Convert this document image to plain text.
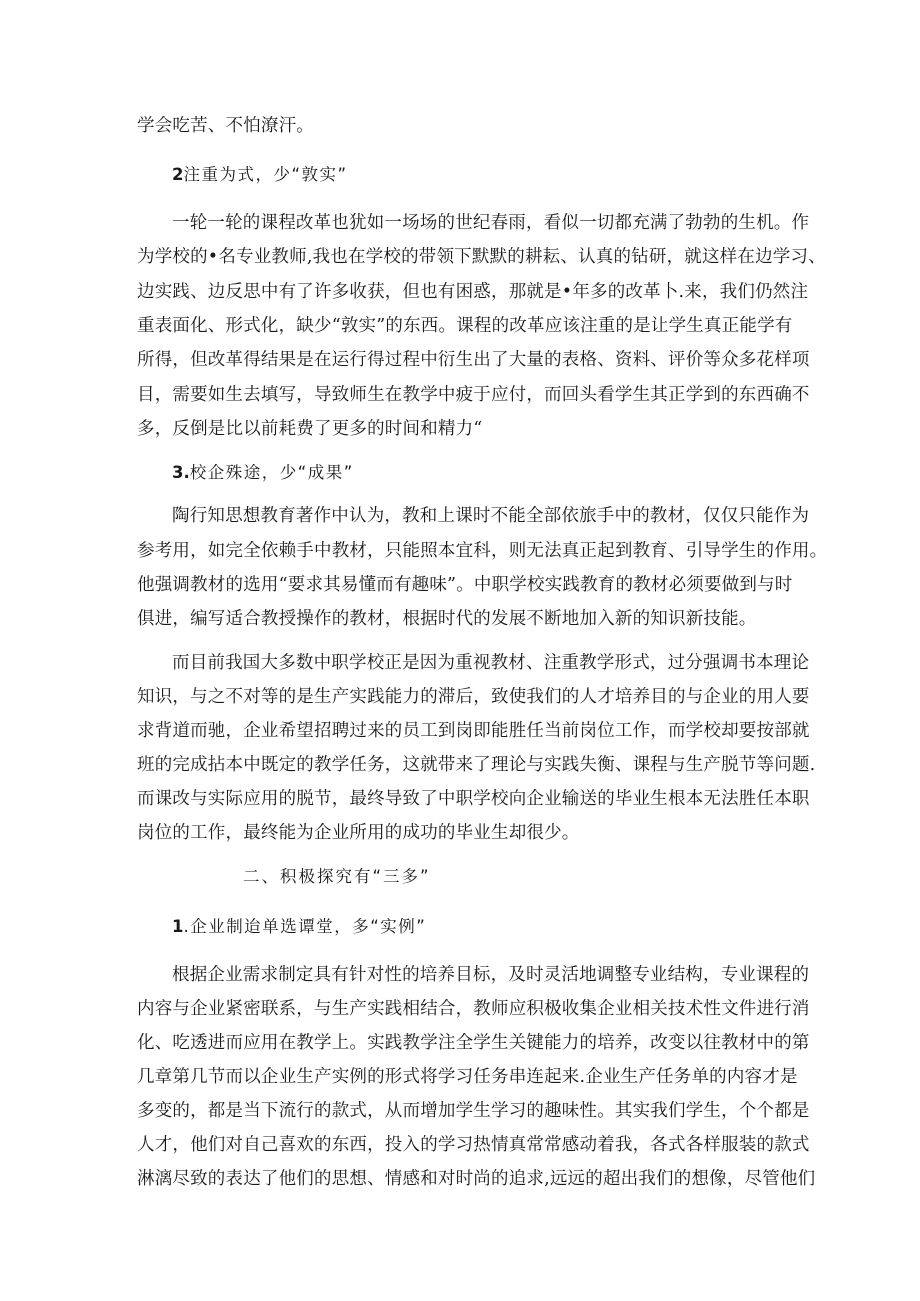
学会吃苦、不怕潦汗。
2注重为式，少“敦实”
一轮一轮的课程改革也犹如一场场的世纪春雨，看似一切都充满了勃勃的生机。作
为学校的•名专业教师,我也在学校的带领下默默的耕耘、认真的钻研，就这样在边学习、
边实践、边反思中有了许多收获，但也有困惑，那就是•年多的改革卜.来，我们仍然注
重表面化、形式化，缺少“敦实”的东西。课程的改革应该注重的是让学生真正能学有
所得，但改革得结果是在运行得过程中衍生出了大量的表格、资料、评价等众多花样项
目，需要如生去填写，导致师生在教学中疲于应付，而回头看学生其正学到的东西确不
多，反倒是比以前耗费了更多的时间和精力“
3.校企殊途，少“成果”
陶行知思想教育著作中认为，教和上课时不能全部依旅手中的教材，仅仅只能作为
参考用，如完全依赖手中教材，只能照本宜科，则无法真正起到教育、引导学生的作用。
他强调教材的选用“要求其易懂而有趣味”。中职学校实践教育的教材必须要做到与时
俱进，编写适合教授操作的教材，根据时代的发展不断地加入新的知识新技能。
而目前我国大多数中职学校正是因为重视教材、注重教学形式，过分强调书本理论
知识，与之不对等的是生产实践能力的滞后，致使我们的人才培养目的与企业的用人要
求背道而驰，企业希望招聘过来的员工到岗即能胜任当前岗位工作，而学校却要按部就
班的完成拈本中既定的教学任务，这就带来了理论与实践失衡、课程与生产脱节等问题.
而课改与实际应用的脱节，最终导致了中职学校向企业输送的毕业生根本无法胜任本职
岗位的工作，最终能为企业所用的成功的毕业生却很少。
二、积极探究有“三多”
1.企业制迨单选谭堂，多“实例”
根据企业需求制定具有针对性的培养目标，及时灵活地调整专业结构，专业课程的
内容与企业紧密联系，与生产实践相结合，教师应积极收集企业相关技术性文件进行消
化、吃透进而应用在教学上。实践教学注全学生关键能力的培养，改变以往教材中的第
几章第几节而以企业生产实例的形式将学习任务串连起来.企业生产任务单的内容才是
多变的，都是当下流行的款式，从而增加学生学习的趣味性。其实我们学生，个个都是
人才，他们对自己喜欢的东西，投入的学习热情真常常感动着我，各式各样服装的款式
淋漓尽致的表达了他们的思想、情感和对时尚的追求,远远的超出我们的想像，尽管他们
